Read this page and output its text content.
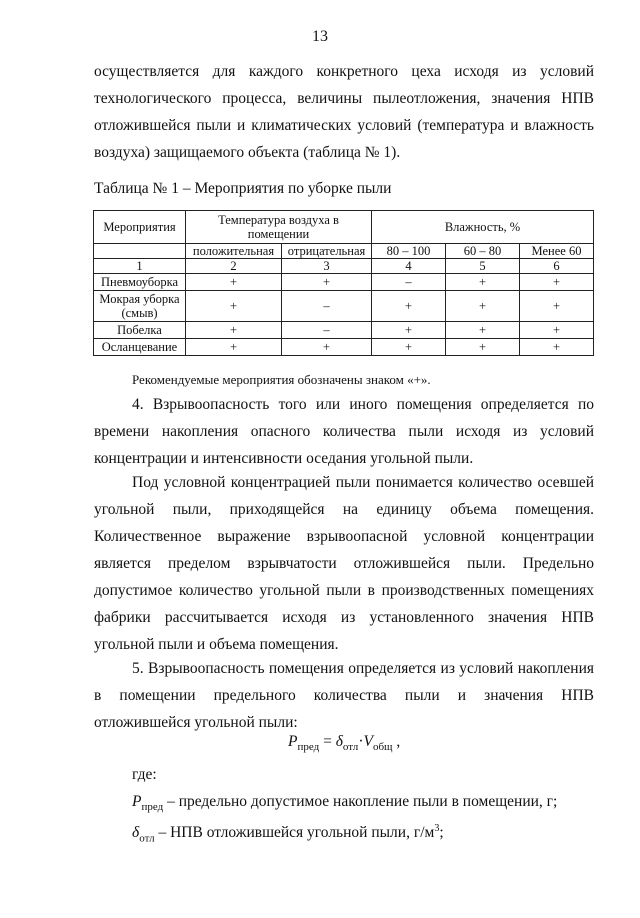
13
осуществляется для каждого конкретного цеха исходя из условий технологического процесса, величины пылеотложения, значения НПВ отложившейся пыли и климатических условий (температура и влажность воздуха) защищаемого объекта (таблица № 1).
Таблица № 1 – Мероприятия по уборке пыли
Мероприятия	Температура воздуха в помещении		Влажность, %		
	положительная	отрицательная	80 – 100	60 – 80	Менее 60
1	2	3	4	5	6
Пневмоуборка	+	+	–	+	+
Мокрая уборка (смыв)	+	–	+	+	+
Побелка	+	–	+	+	+
Осланцевание	+	+	+	+	+
Рекомендуемые мероприятия обозначены знаком «+».
4. Взрывоопасность того или иного помещения определяется по времени накопления опасного количества пыли исходя из условий концентрации и интенсивности оседания угольной пыли.
Под условной концентрацией пыли понимается количество осевшей угольной пыли, приходящейся на единицу объема помещения. Количественное выражение взрывоопасной условной концентрации является пределом взрывчатости отложившейся пыли. Предельно допустимое количество угольной пыли в производственных помещениях фабрики рассчитывается исходя из установленного значения НПВ угольной пыли и объема помещения.
5. Взрывоопасность помещения определяется из условий накопления в помещении предельного количества пыли и значения НПВ отложившейся угольной пыли:
$P_{пред} = \delta_{отл}\cdot V_{общ}$ ,
где:
$P_{пред}$ – предельно допустимое накопление пыли в помещении, г;
$\delta_{отл}$ – НПВ отложившейся угольной пыли, $г/м^3$;
